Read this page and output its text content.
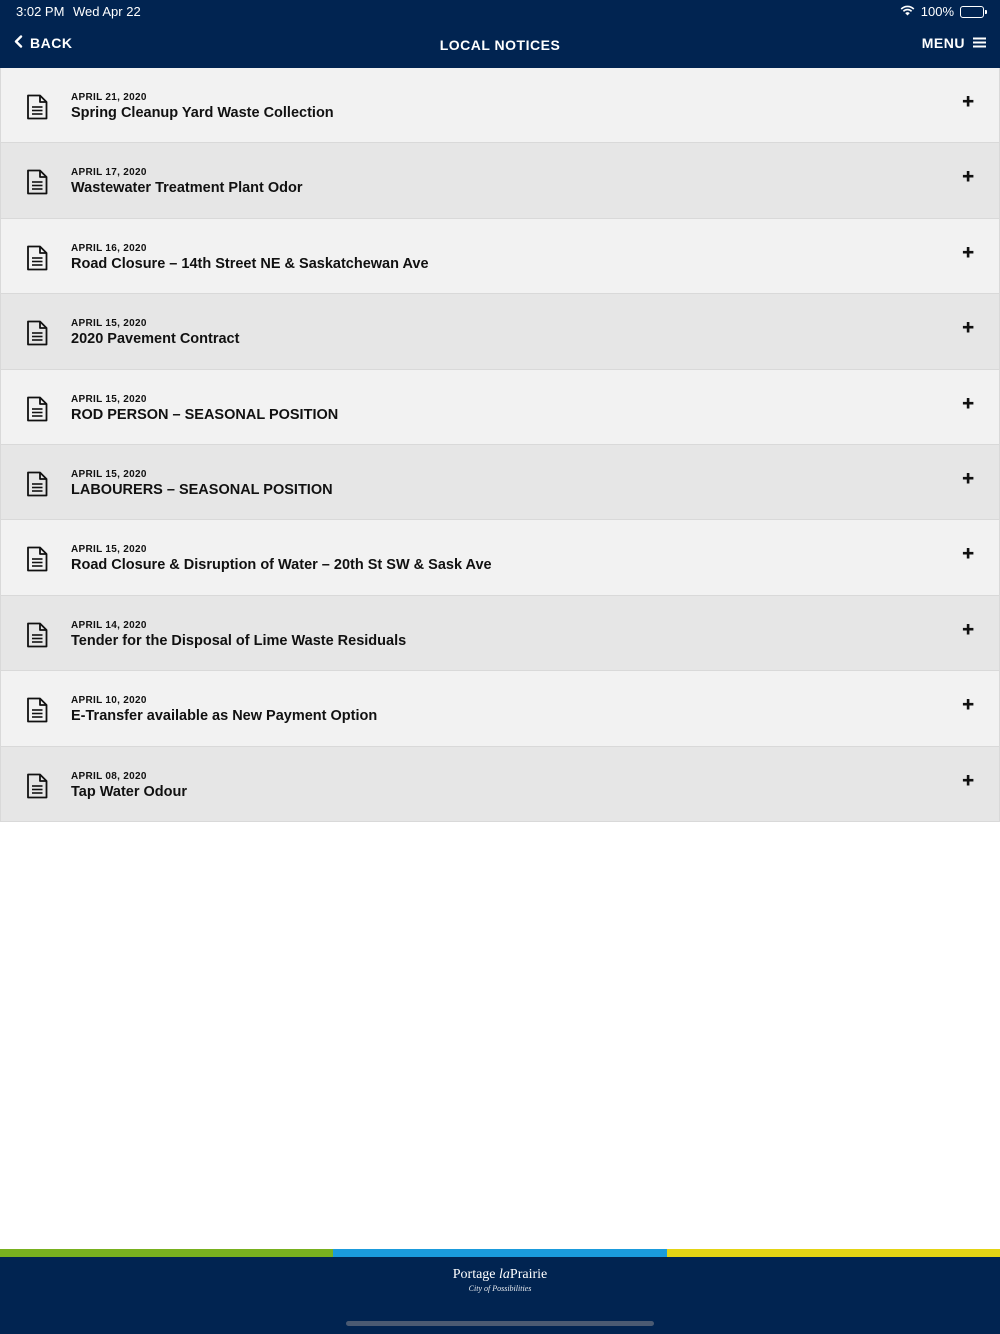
3:02 PM Wed Apr 22	100%
BACK	LOCAL NOTICES	MENU
APRIL 21, 2020
Spring Cleanup Yard Waste Collection
APRIL 17, 2020
Wastewater Treatment Plant Odor
APRIL 16, 2020
Road Closure – 14th Street NE & Saskatchewan Ave
APRIL 15, 2020
2020 Pavement Contract
APRIL 15, 2020
ROD PERSON – SEASONAL POSITION
APRIL 15, 2020
LABOURERS – SEASONAL POSITION
APRIL 15, 2020
Road Closure & Disruption of Water – 20th St SW & Sask Ave
APRIL 14, 2020
Tender for the Disposal of Lime Waste Residuals
APRIL 10, 2020
E-Transfer available as New Payment Option
APRIL 08, 2020
Tap Water Odour
Portage laPrairie
City of Possibilities
